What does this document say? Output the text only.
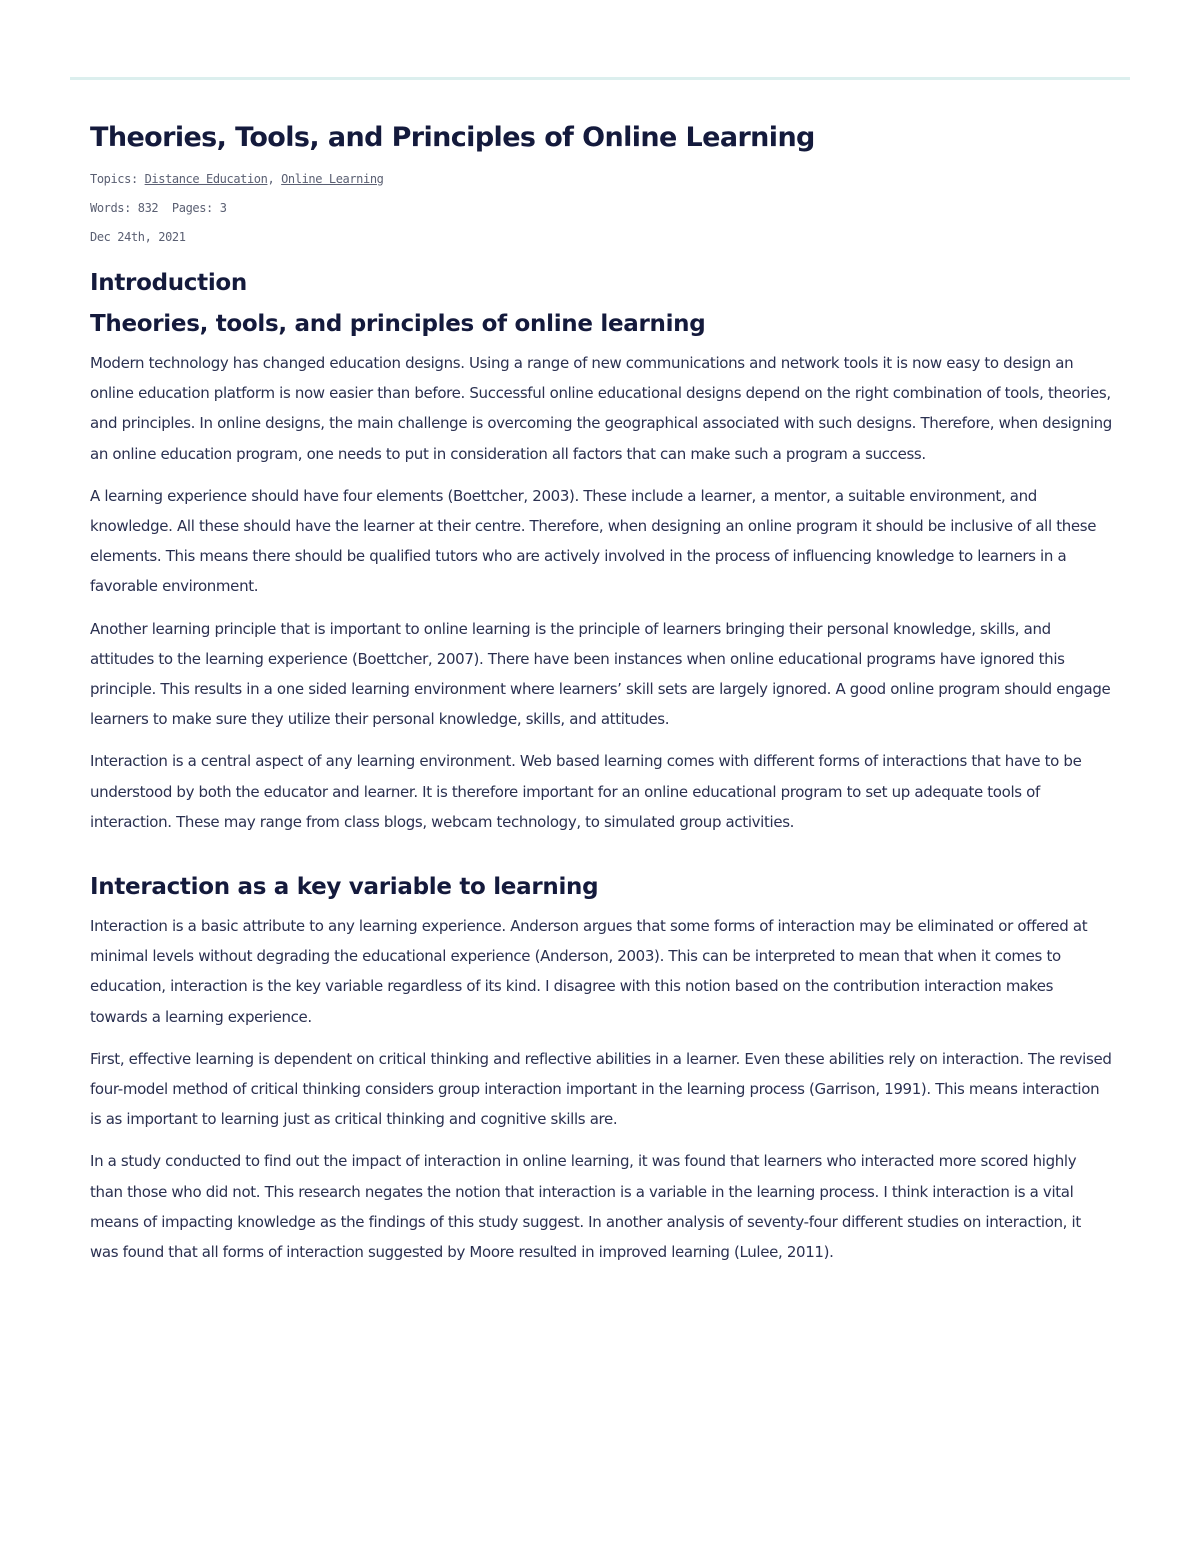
Theories, Tools, and Principles of Online Learning

Topics: Distance Education, Online Learning

Words: 832 Pages: 3

Dec 24th, 2021

Introduction
Theories, tools, and principles of online learning

Modern technology has changed education designs. Using a range of new communications and network tools it is now easy to design an online education platform is now easier than before. Successful online educational designs depend on the right combination of tools, theories, and principles. In online designs, the main challenge is overcoming the geographical associated with such designs. Therefore, when designing an online education program, one needs to put in consideration all factors that can make such a program a success.

A learning experience should have four elements (Boettcher, 2003). These include a learner, a mentor, a suitable environment, and knowledge. All these should have the learner at their centre. Therefore, when designing an online program it should be inclusive of all these elements. This means there should be qualified tutors who are actively involved in the process of influencing knowledge to learners in a favorable environment.

Another learning principle that is important to online learning is the principle of learners bringing their personal knowledge, skills, and attitudes to the learning experience (Boettcher, 2007). There have been instances when online educational programs have ignored this principle. This results in a one sided learning environment where learners’ skill sets are largely ignored. A good online program should engage learners to make sure they utilize their personal knowledge, skills, and attitudes.

Interaction is a central aspect of any learning environment. Web based learning comes with different forms of interactions that have to be understood by both the educator and learner. It is therefore important for an online educational program to set up adequate tools of interaction. These may range from class blogs, webcam technology, to simulated group activities.

Interaction as a key variable to learning

Interaction is a basic attribute to any learning experience. Anderson argues that some forms of interaction may be eliminated or offered at minimal levels without degrading the educational experience (Anderson, 2003). This can be interpreted to mean that when it comes to education, interaction is the key variable regardless of its kind. I disagree with this notion based on the contribution interaction makes towards a learning experience.

First, effective learning is dependent on critical thinking and reflective abilities in a learner. Even these abilities rely on interaction. The revised four-model method of critical thinking considers group interaction important in the learning process (Garrison, 1991). This means interaction is as important to learning just as critical thinking and cognitive skills are.

In a study conducted to find out the impact of interaction in online learning, it was found that learners who interacted more scored highly than those who did not. This research negates the notion that interaction is a variable in the learning process. I think interaction is a vital means of impacting knowledge as the findings of this study suggest. In another analysis of seventy-four different studies on interaction, it was found that all forms of interaction suggested by Moore resulted in improved learning (Lulee, 2011).
